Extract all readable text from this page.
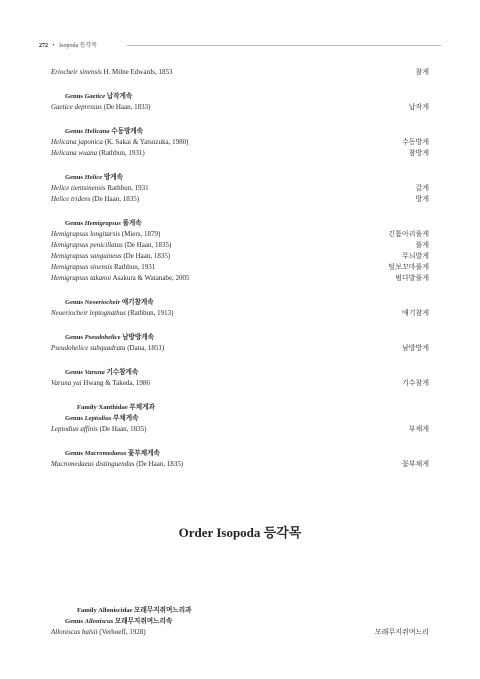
272 • Isopoda 등각목
Eriocheir sinensis H. Milne Edwards, 1853	참게
Genus Gaetice 납작게속
Gaetice depressus (De Haan, 1833)	납작게
Genus Helicana 수동방게속
Helicana japonica (K. Sakai & Yatsuzuka, 1980)	수동방게
Helicana wuana (Rathbun, 1931)	참방게
Genus Helice 방게속
Helice tientsinensis Rathbun, 1931	갈게
Helice tridens (De Haan, 1835)	방게
Genus Hemigrapsus 풀게속
Hemigrapsus longitarsis (Miers, 1879)	긴톱아리풀게
Hemigrapsus penicillatus (De Haan, 1835)	풀게
Hemigrapsus sanguineus (De Haan, 1835)	무늬발게
Hemigrapsus sinensis Rathbun, 1931	털보꼬마풀게
Hemigrapsus takanoi Asakura & Watanabe, 2005	범다발풀게
Genus Neoeriocheir 애기참게속
Neoeriocheir leptognathus (Rathbun, 1913)	애기참게
Genus Pseudohelice 남방방게속
Pseudohelice subquadrata (Dana, 1851)	남방방게
Genus Varuna 기수참게속
Varuna yui Hwang & Takeda, 1986	기수참게
Family Xanthidae 부채게과
Genus Leptodius 부채게속
Leptodius affinis (De Haan, 1835)	부채게
Genus Macromedaeus 꽃부채게속
Macromedaeus distinguendus (De Haan, 1835)	꽃부채게
Order Isopoda 등각목
Family Alloniscidae 모래무지쥐며느리과
Genus Alloniscus 모래무지쥐며느리속
Alloniscus balsii (Verhoeff, 1928)	모래무지쥐며느리
